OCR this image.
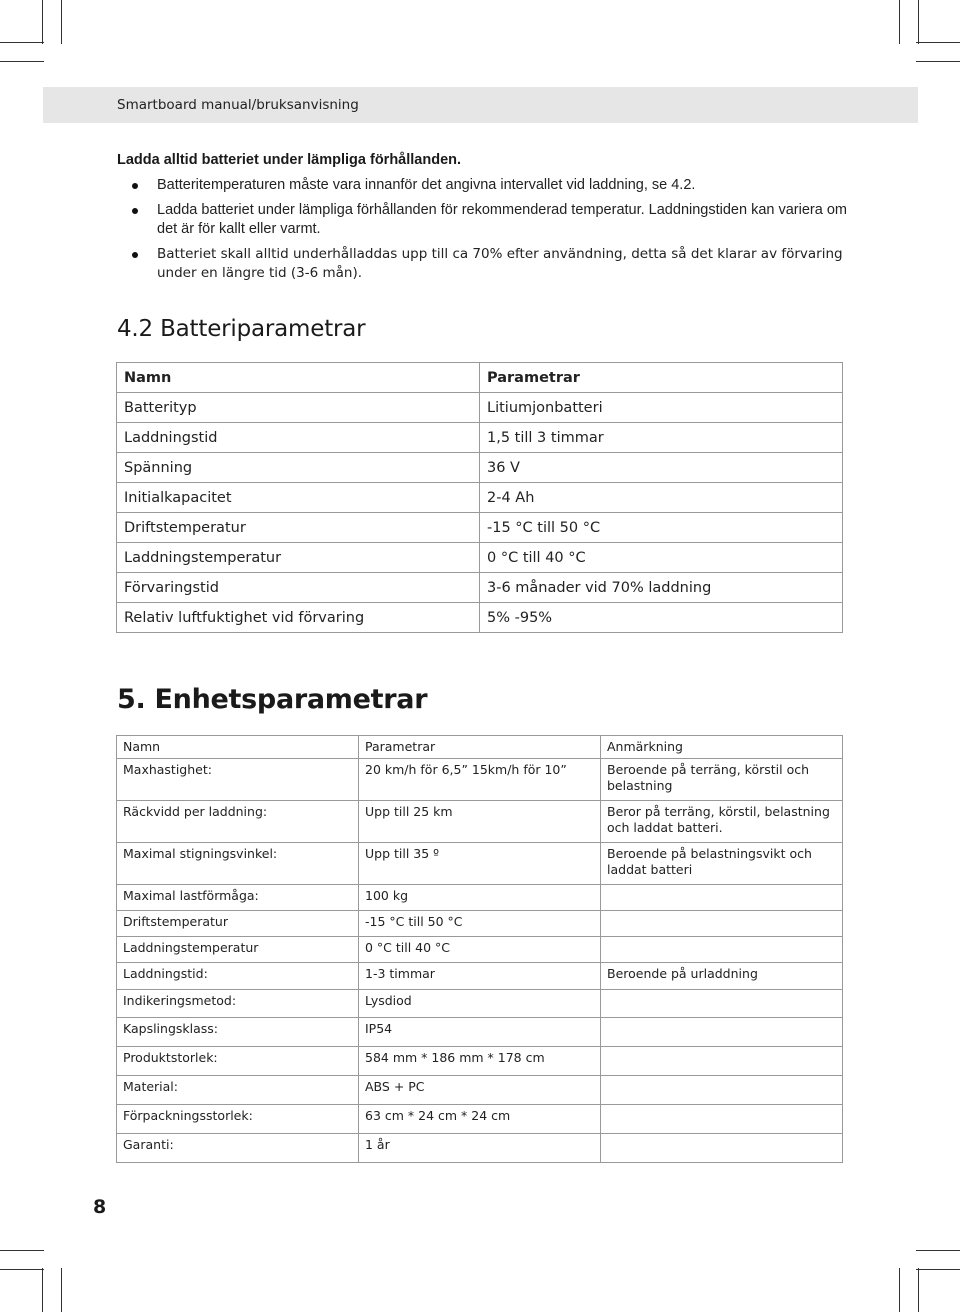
Smartboard manual/bruksanvisning
Ladda alltid batteriet under lämpliga förhållanden.
Batteritemperaturen måste vara innanför det angivna intervallet vid laddning, se 4.2.
Ladda batteriet under lämpliga förhållanden för rekommenderad temperatur. Laddningstiden kan variera om det är för kallt eller varmt.
Batteriet skall alltid underhålladdas upp till ca 70% efter användning, detta så det klarar av förvaring under en längre tid (3-6 mån).
4.2 Batteriparametrar
Namn	Parametrar
Batterityp	Litiumjonbatteri
Laddningstid	1,5 till 3 timmar
Spänning	36 V
Initialkapacitet	2-4 Ah
Driftstemperatur	-15 °C till 50 °C
Laddningstemperatur	0 °C till 40 °C
Förvaringstid	3-6 månader vid 70% laddning
Relativ luftfuktighet vid förvaring	5% -95%
5. Enhetsparametrar
Namn	Parametrar	Anmärkning
Maxhastighet:	20 km/h för 6,5” 15km/h för 10”	Beroende på terräng, körstil och belastning
Räckvidd per laddning:	Upp till 25 km	Beror på terräng, körstil, belastning och laddat batteri.
Maximal stigningsvinkel:	Upp till 35 º	Beroende på belastningsvikt och laddat batteri
Maximal lastförmåga:	100 kg	
Driftstemperatur	-15 °C till 50 °C	
Laddningstemperatur	0 °C till 40 °C	
Laddningstid:	1-3 timmar	Beroende på urladdning
Indikeringsmetod:	Lysdiod	
Kapslingsklass:	IP54	
Produktstorlek:	584 mm * 186 mm * 178 cm	
Material:	ABS + PC	
Förpackningsstorlek:	63 cm * 24 cm * 24 cm	
Garanti:	1 år	
8
